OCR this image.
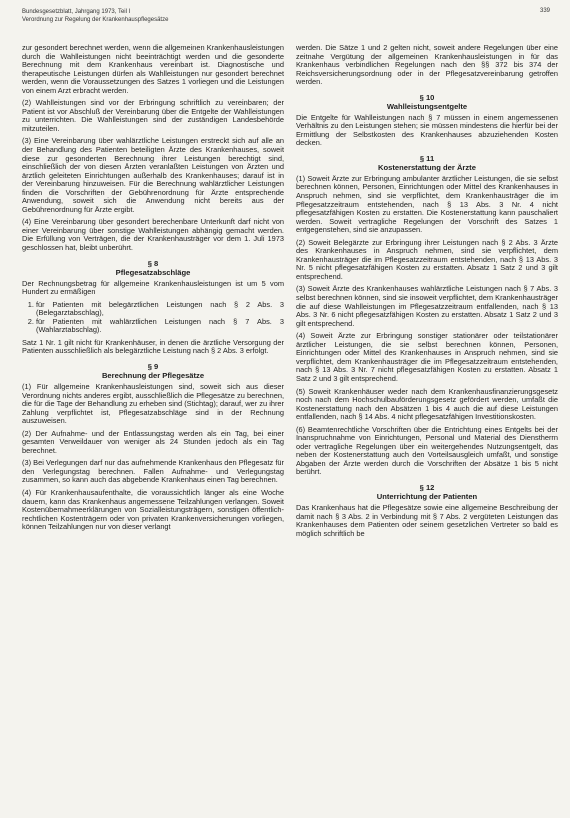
Bundesgesetzblatt, Jahrgang 1973, Teil I
Verordnung zur Regelung der Krankenhauspflegesätze
339

zur gesondert berechnet werden, wenn die allgemeinen Krankenhausleistungen durch die Wahlleistungen nicht beeinträchtigt werden und die gesonderte Berechnung mit dem Krankenhaus vereinbart ist. Diagnostische und therapeutische Leistungen dürfen als Wahlleistungen nur gesondert berechnet werden, wenn die Voraussetzungen des Satzes 1 vorliegen und die Leistungen von einem Arzt erbracht werden.

(2) Wahlleistungen sind vor der Erbringung schriftlich zu vereinbaren; der Patient ist vor Abschluß der Vereinbarung über die Entgelte der Wahlleistungen zu unterrichten. Die Wahlleistungen sind der zuständigen Landesbehörde mitzuteilen.

(3) Eine Vereinbarung über wahlärztliche Leistungen erstreckt sich auf alle an der Behandlung des Patienten beteiligten Ärzte des Krankenhauses, soweit diese zur gesonderten Berechnung ihrer Leistungen berechtigt sind, einschließlich der von diesen Ärzten veranlaßten Leistungen von Ärzten und ärztlich geleiteten Einrichtungen außerhalb des Krankenhauses; darauf ist in der Vereinbarung hinzuweisen. Für die Berechnung wahlärztlicher Leistungen finden die Vorschriften der Gebührenordnung für Ärzte entsprechende Anwendung, soweit sich die Anwendung nicht bereits aus der Gebührenordnung für Ärzte ergibt.

(4) Eine Vereinbarung über gesondert berechenbare Unterkunft darf nicht von einer Vereinbarung über sonstige Wahlleistungen abhängig gemacht werden. Die Erfüllung von Verträgen, die der Krankenhausträger vor dem 1. Juli 1973 geschlossen hat, bleibt unberührt.

§ 8
Pflegesatzabschläge

Der Rechnungsbetrag für allgemeine Krankenhausleistungen ist um 5 vom Hundert zu ermäßigen

1. für Patienten mit belegärztlichen Leistungen nach § 2 Abs. 3 (Belegarztabschlag),
2. für Patienten mit wahlärztlichen Leistungen nach § 7 Abs. 3 (Wahlarztabschlag).

Satz 1 Nr. 1 gilt nicht für Krankenhäuser, in denen die ärztliche Versorgung der Patienten ausschließlich als belegärztliche Leistung nach § 2 Abs. 3 erfolgt.

§ 9
Berechnung der Pflegesätze

(1) Für allgemeine Krankenhausleistungen sind, soweit sich aus dieser Verordnung nichts anderes ergibt, ausschließlich die Pflegesätze zu berechnen, die für die Tage der Behandlung zu erheben sind (Stichtag); darauf, wer zu ihrer Zahlung verpflichtet ist, Pflegesatzabschläge sind in der Rechnung auszuweisen.

(2) Der Aufnahme- und der Entlassungstag werden als ein Tag, bei einer gesamten Verweildauer von weniger als 24 Stunden jedoch als ein Tag berechnet.

(3) Bei Verlegungen darf nur das aufnehmende Krankenhaus den Pflegesatz für den Verlegungstag berechnen. Fallen Aufnahme- und Verlegungstag zusammen, so kann auch das abgebende Krankenhaus einen Tag berechnen.

(4) Für Krankenhausaufenthalte, die voraussichtlich länger als eine Woche dauern, kann das Krankenhaus angemessene Teilzahlungen verlangen. Soweit Kostenübernahmeerklärungen von Sozialleistungsträgern, sonstigen öffentlich-rechtlichen Kostenträgern oder von privaten Krankenversicherungen vorliegen, können Teilzahlungen nur von dieser verlangt

werden. Die Sätze 1 und 2 gelten nicht, soweit andere Regelungen über eine zeitnahe Vergütung der allgemeinen Krankenhausleistungen in für das Krankenhaus verbindlichen Regelungen nach den §§ 372 bis 374 der Reichsversicherungsordnung oder in der Pflegesatzvereinbarung getroffen werden.

§ 10
Wahlleistungsentgelte

Die Entgelte für Wahlleistungen nach § 7 müssen in einem angemessenen Verhältnis zu den Leistungen stehen; sie müssen mindestens die hierfür bei der Ermittlung der Selbstkosten des Krankenhauses abzuziehenden Kosten decken.

§ 11
Kostenerstattung der Ärzte

(1) Soweit Ärzte zur Erbringung ambulanter ärztlicher Leistungen, die sie selbst berechnen können, Personen, Einrichtungen oder Mittel des Krankenhauses in Anspruch nehmen, sind sie verpflichtet, dem Krankenhausträger die im Pflegesatzzeitraum entstehenden, nach § 13 Abs. 3 Nr. 4 nicht pflegesatzfähigen Kosten zu erstatten. Die Kostenerstattung kann pauschaliert werden. Soweit vertragliche Regelungen der Vorschrift des Satzes 1 entgegenstehen, sind sie anzupassen.

(2) Soweit Belegärzte zur Erbringung ihrer Leistungen nach § 2 Abs. 3 Ärzte des Krankenhauses in Anspruch nehmen, sind sie verpflichtet, dem Krankenhausträger die im Pflegesatzzeitraum entstehenden, nach § 13 Abs. 3 Nr. 5 nicht pflegesatzfähigen Kosten zu erstatten. Absatz 1 Satz 2 und 3 gilt entsprechend.

(3) Soweit Ärzte des Krankenhauses wahlärztliche Leistungen nach § 7 Abs. 3 selbst berechnen können, sind sie insoweit verpflichtet, dem Krankenhausträger die auf diese Wahlleistungen im Pflegesatzzeitraum entfallenden, nach § 13 Abs. 3 Nr. 6 nicht pflegesatzfähigen Kosten zu erstatten. Absatz 1 Satz 2 und 3 gilt entsprechend.

(4) Soweit Ärzte zur Erbringung sonstiger stationärer oder teilstationärer ärztlicher Leistungen, die sie selbst berechnen können, Personen, Einrichtungen oder Mittel des Krankenhauses in Anspruch nehmen, sind sie verpflichtet, dem Krankenhausträger die im Pflegesatzzeitraum entstehenden, nach § 13 Abs. 3 Nr. 7 nicht pflegesatzfähigen Kosten zu erstatten. Absatz 1 Satz 2 und 3 gilt entsprechend.

(5) Soweit Krankenhäuser weder nach dem Krankenhausfinanzierungsgesetz noch nach dem Hochschulbauförderungsgesetz gefördert werden, umfaßt die Kostenerstattung nach den Absätzen 1 bis 4 auch die auf diese Leistungen entfallenden, nach § 14 Abs. 4 nicht pflegesatzfähigen Investitionskosten.

(6) Beamtenrechtliche Vorschriften über die Entrichtung eines Entgelts bei der Inanspruchnahme von Einrichtungen, Personal und Material des Dienstherrn oder vertragliche Regelungen über ein weitergehendes Nutzungsentgelt, das neben der Kostenerstattung auch den Vorteilsausgleich umfaßt, und sonstige Abgaben der Ärzte werden durch die Vorschriften der Absätze 1 bis 5 nicht berührt.

§ 12
Unterrichtung der Patienten

Das Krankenhaus hat die Pflegesätze sowie eine allgemeine Beschreibung der damit nach § 3 Abs. 2 in Verbindung mit § 7 Abs. 2 vergüteten Leistungen das Krankenhauses dem Patienten oder seinem gesetzlichen Vertreter so bald es möglich schriftlich be
